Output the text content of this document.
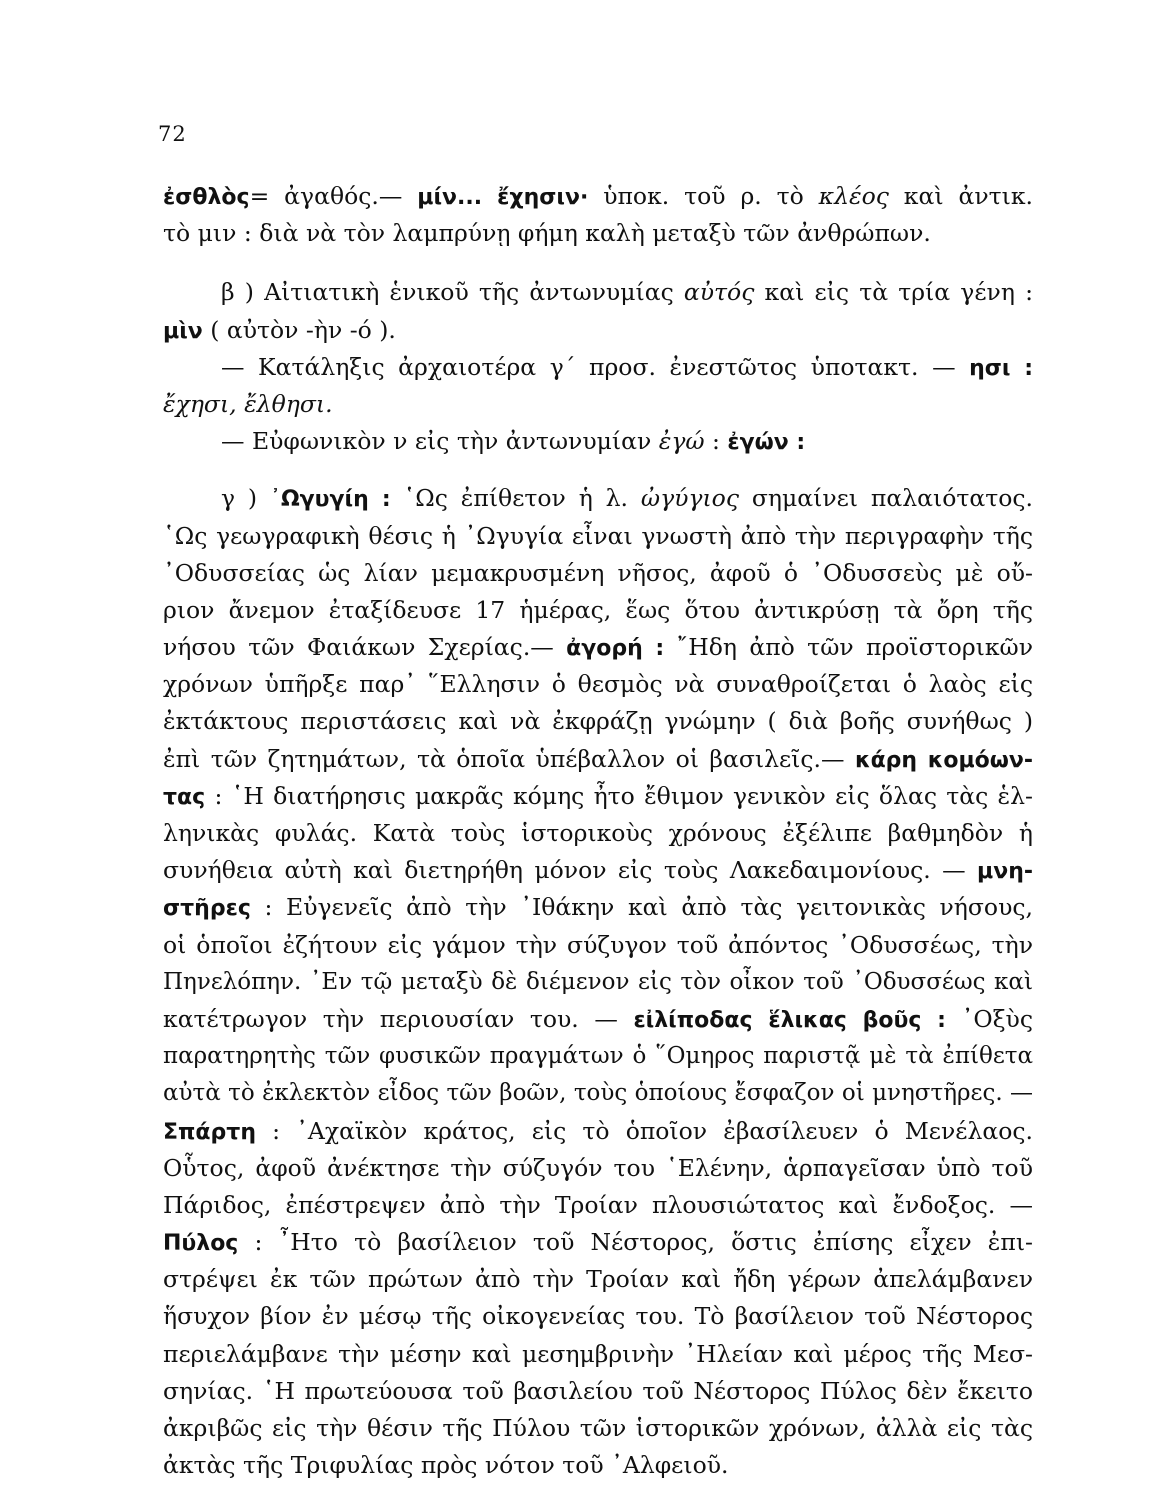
72
ἐσθλὸς= ἀγαθός.— μίν... ἔχησιν· ὑποκ. τοῦ ρ. τὸ κλέος καὶ ἀντικ.
τὸ μιν : διὰ νὰ τὸν λαμπρύνῃ φήμη καλὴ μεταξὺ τῶν ἀνθρώπων.
β ) Αἰτιατικὴ ἑνικοῦ τῆς ἀντωνυμίας αὐτός καὶ εἰς τὰ τρία γένη :
μὶν ( αὐτὸν -ὴν -ό ).
— Κατάληξις ἀρχαιοτέρα γ΄ προσ. ἐνεστῶτος ὑποτακτ. — ησι :
ἔχησι, ἔλθησι.
— Εὐφωνικὸν ν εἰς τὴν ἀντωνυμίαν ἐγώ : ἐγών :
γ ) ᾿Ωγυγίη : ῾Ως ἐπίθετον ἡ λ. ὠγύγιος σημαίνει παλαιότατος.
῾Ως γεωγραφικὴ θέσις ἡ ᾿Ωγυγία εἶναι γνωστὴ ἀπὸ τὴν περιγραφὴν τῆς
᾿Οδυσσείας ὡς λίαν μεμακρυσμένη νῆσος, ἀφοῦ ὁ ᾿Οδυσσεὺς μὲ οὔ-
ριον ἄνεμον ἐταξίδευσε 17 ἡμέρας, ἕως ὅτου ἀντικρύσῃ τὰ ὄρη τῆς
νήσου τῶν Φαιάκων Σχερίας.— ἀγορή : ῎Ηδη ἀπὸ τῶν προϊστορικῶν
χρόνων ὑπῆρξε παρ᾿ ῞Ελλησιν ὁ θεσμὸς νὰ συναθροίζεται ὁ λαὸς εἰς
ἐκτάκτους περιστάσεις καὶ νὰ ἐκφράζῃ γνώμην ( διὰ βοῆς συνήθως )
ἐπὶ τῶν ζητημάτων, τὰ ὁποῖα ὑπέβαλλον οἱ βασιλεῖς.— κάρη κομόων-
τας : ῾Η διατήρησις μακρᾶς κόμης ἦτο ἔθιμον γενικὸν εἰς ὅλας τὰς ἑλ-
ληνικὰς φυλάς. Κατὰ τοὺς ἱστορικοὺς χρόνους ἐξέλιπε βαθμηδὸν ἡ
συνήθεια αὐτὴ καὶ διετηρήθη μόνον εἰς τοὺς Λακεδαιμονίους. — μνη-
στῆρες : Εὐγενεῖς ἀπὸ τὴν ᾿Ιθάκην καὶ ἀπὸ τὰς γειτονικὰς νήσους,
οἱ ὁποῖοι ἐζήτουν εἰς γάμον τὴν σύζυγον τοῦ ἀπόντος ᾿Οδυσσέως, τὴν
Πηνελόπην. ᾿Εν τῷ μεταξὺ δὲ διέμενον εἰς τὸν οἶκον τοῦ ᾿Οδυσσέως καὶ
κατέτρωγον τὴν περιουσίαν του. — εἰλίποδας ἕλικας βοῦς : ᾿Οξὺς
παρατηρητὴς τῶν φυσικῶν πραγμάτων ὁ ῞Ομηρος παριστᾷ μὲ τὰ ἐπίθετα
αὐτὰ τὸ ἐκλεκτὸν εἶδος τῶν βοῶν, τοὺς ὁποίους ἔσφαζον οἱ μνηστῆρες. —
Σπάρτη : ᾿Αχαϊκὸν κράτος, εἰς τὸ ὁποῖον ἐβασίλευεν ὁ Μενέλαος.
Οὗτος, ἀφοῦ ἀνέκτησε τὴν σύζυγόν του ῾Ελένην, ἁρπαγεῖσαν ὑπὸ τοῦ
Πάριδος, ἐπέστρεψεν ἀπὸ τὴν Τροίαν πλουσιώτατος καὶ ἔνδοξος. —
Πύλος : ῏Ητο τὸ βασίλειον τοῦ Νέστορος, ὅστις ἐπίσης εἶχεν ἐπι-
στρέψει ἐκ τῶν πρώτων ἀπὸ τὴν Τροίαν καὶ ἤδη γέρων ἀπελάμβανεν
ἥσυχον βίον ἐν μέσῳ τῆς οἰκογενείας του. Τὸ βασίλειον τοῦ Νέστορος
περιελάμβανε τὴν μέσην καὶ μεσημβρινὴν ᾿Ηλείαν καὶ μέρος τῆς Μεσ-
σηνίας. ῾Η πρωτεύουσα τοῦ βασιλείου τοῦ Νέστορος Πύλος δὲν ἔκειτο
ἀκριβῶς εἰς τὴν θέσιν τῆς Πύλου τῶν ἱστορικῶν χρόνων, ἀλλὰ εἰς τὰς
ἀκτὰς τῆς Τριφυλίας πρὸς νότον τοῦ ᾿Αλφειοῦ.
